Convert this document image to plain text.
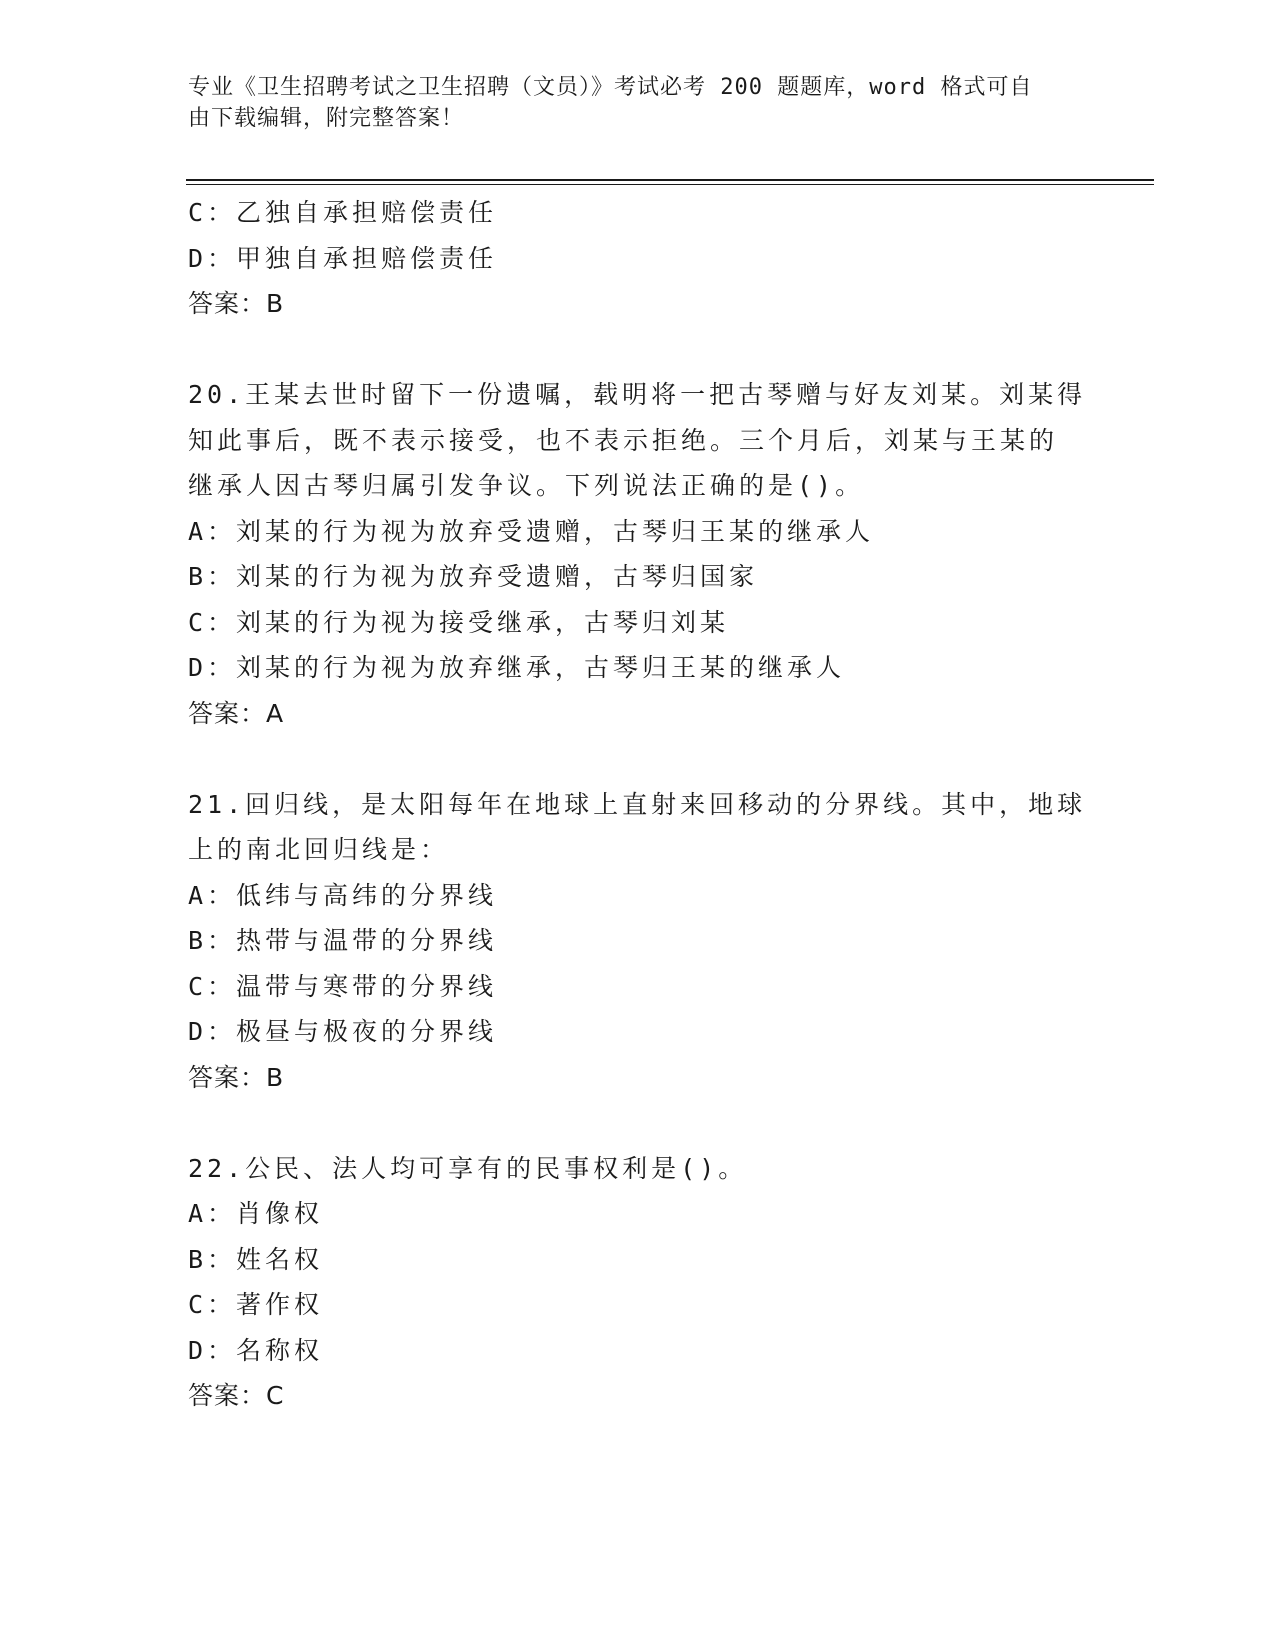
专业《卫生招聘考试之卫生招聘（文员）》考试必考 200 题题库，word 格式可自
由下载编辑，附完整答案！
C：乙独自承担赔偿责任
D：甲独自承担赔偿责任
答案：B
20.王某去世时留下一份遗嘱，载明将一把古琴赠与好友刘某。刘某得
知此事后，既不表示接受，也不表示拒绝。三个月后，刘某与王某的
继承人因古琴归属引发争议。下列说法正确的是()。
A：刘某的行为视为放弃受遗赠，古琴归王某的继承人
B：刘某的行为视为放弃受遗赠，古琴归国家
C：刘某的行为视为接受继承，古琴归刘某
D：刘某的行为视为放弃继承，古琴归王某的继承人
答案：A
21.回归线，是太阳每年在地球上直射来回移动的分界线。其中，地球
上的南北回归线是：
A：低纬与高纬的分界线
B：热带与温带的分界线
C：温带与寒带的分界线
D：极昼与极夜的分界线
答案：B
22.公民、法人均可享有的民事权利是()。
A：肖像权
B：姓名权
C：著作权
D：名称权
答案：C
